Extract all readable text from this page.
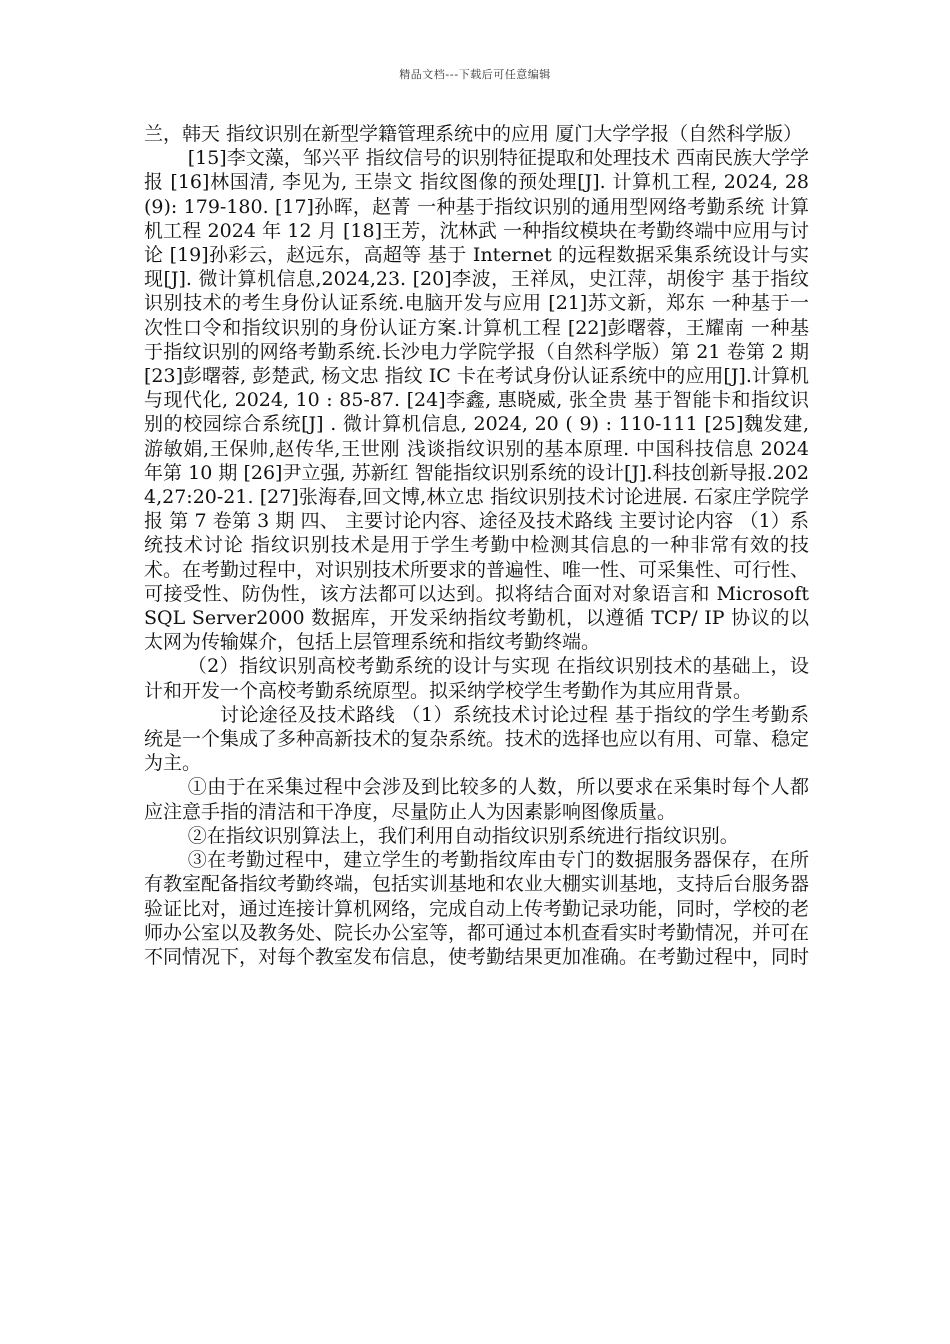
精品文档---下载后可任意编辑

兰，韩天 指纹识别在新型学籍管理系统中的应用 厦门大学学报（自然科学版）

[15]李文藻，邹兴平 指纹信号的识别特征提取和处理技术 西南民族大学学报 [16]林国清, 李见为, 王崇文 指纹图像的预处理[J]. 计算机工程, 2024, 28(9): 179-180. [17]孙晖，赵菁 一种基于指纹识别的通用型网络考勤系统 计算机工程 2024 年 12 月 [18]王芳，沈林武 一种指纹模块在考勤终端中应用与讨论 [19]孙彩云，赵远东，高超等 基于 Internet 的远程数据采集系统设计与实现[J]. 微计算机信息,2024,23. [20]李波，王祥凤，史江萍，胡俊宇 基于指纹识别技术的考生身份认证系统.电脑开发与应用 [21]苏文新，郑东 一种基于一次性口令和指纹识别的身份认证方案.计算机工程 [22]彭曙蓉，王耀南 一种基于指纹识别的网络考勤系统.长沙电力学院学报（自然科学版）第 21 卷第 2 期 [23]彭曙蓉, 彭楚武, 杨文忠 指纹 IC 卡在考试身份认证系统中的应用[J].计算机与现代化, 2024, 10 : 85-87. [24]李鑫, 惠晓威, 张全贵 基于智能卡和指纹识别的校园综合系统[J] . 微计算机信息, 2024, 20 ( 9) : 110-111 [25]魏发建,游敏娟,王保帅,赵传华,王世刚 浅谈指纹识别的基本原理. 中国科技信息 2024 年第 10 期 [26]尹立强, 苏新红 智能指纹识别系统的设计[J].科技创新导报.2024,27:20-21. [27]张海春,回文博,林立忠 指纹识别技术讨论进展. 石家庄学院学报 第 7 卷第 3 期 四、 主要讨论内容、途径及技术路线 主要讨论内容 （1）系统技术讨论 指纹识别技术是用于学生考勤中检测其信息的一种非常有效的技术。在考勤过程中，对识别技术所要求的普遍性、唯一性、可采集性、可行性、可接受性、防伪性，该方法都可以达到。拟将结合面对对象语言和 Microsoft SQL Server2000 数据库，开发采纳指纹考勤机，以遵循 TCP/ IP 协议的以太网为传输媒介，包括上层管理系统和指纹考勤终端。

（2）指纹识别高校考勤系统的设计与实现 在指纹识别技术的基础上，设计和开发一个高校考勤系统原型。拟采纳学校学生考勤作为其应用背景。

讨论途径及技术路线 （1）系统技术讨论过程 基于指纹的学生考勤系统是一个集成了多种高新技术的复杂系统。技术的选择也应以有用、可靠、稳定为主。

①由于在采集过程中会涉及到比较多的人数，所以要求在采集时每个人都应注意手指的清洁和干净度，尽量防止人为因素影响图像质量。

②在指纹识别算法上，我们利用自动指纹识别系统进行指纹识别。

③在考勤过程中，建立学生的考勤指纹库由专门的数据服务器保存，在所有教室配备指纹考勤终端，包括实训基地和农业大棚实训基地，支持后台服务器验证比对，通过连接计算机网络，完成自动上传考勤记录功能，同时，学校的老师办公室以及教务处、院长办公室等，都可通过本机查看实时考勤情况，并可在不同情况下，对每个教室发布信息，使考勤结果更加准确。在考勤过程中，同时
